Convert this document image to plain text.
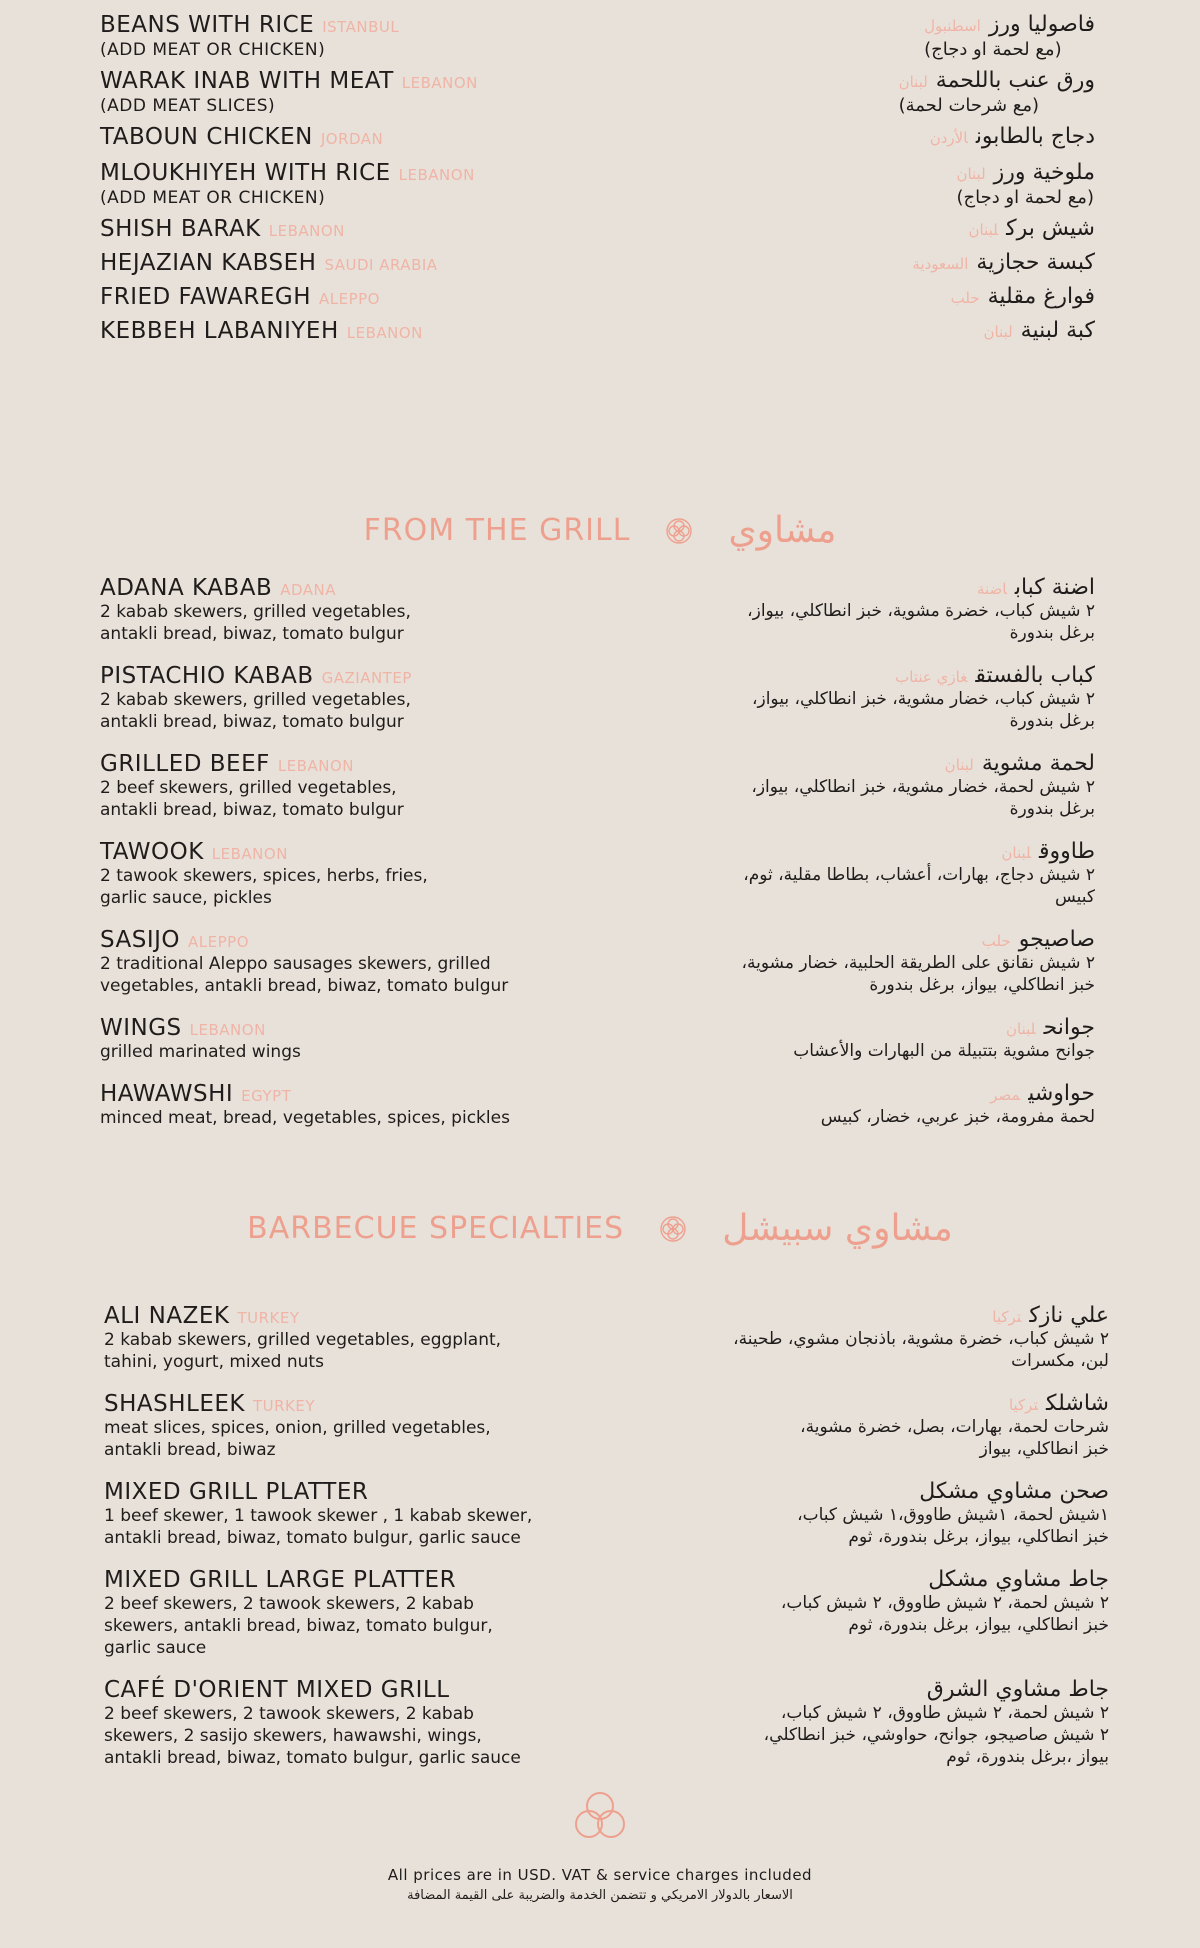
BEANS WITH RICE ISTANBUL
(ADD MEAT OR CHICKEN)
فاصوليا ورزاسطنبول
(مع لحمة او دجاج)
WARAK INAB WITH MEAT LEBANON
(ADD MEAT SLICES)
ورق عنب باللحمةلبنان
(مع شرحات لحمة)
TABOUN CHICKEN JORDAN	دجاج بالطابونالأردن
MLOUKHIYEH WITH RICE LEBANON
(ADD MEAT OR CHICKEN)
ملوخية ورزلبنان
(مع لحمة او دجاج)
SHISH BARAK LEBANON	شيش بركلبنان
HEJAZIAN KABSEH SAUDI ARABIA	كبسة حجازيةالسعودية
FRIED FAWAREGH ALEPPO	فوارغ مقليةحلب
KEBBEH LABANIYEH LEBANON	كبة لبنيةلبنان
FROM THE GRILL	مشاوي
ADANA KABAB ADANA
2 kabab skewers, grilled vegetables,
antakli bread, biwaz, tomato bulgur
اضنة كباباضنة
٢ شيش كباب، خضرة مشوية، خبز انطاكلي، بيواز،
برغل بندورة
PISTACHIO KABAB GAZIANTEP
2 kabab skewers, grilled vegetables,
antakli bread, biwaz, tomato bulgur
كباب بالفستقغازي عنتاب
٢ شيش كباب، خضار مشوية، خبز انطاكلي، بيواز،
برغل بندورة
GRILLED BEEF LEBANON
2 beef skewers, grilled vegetables,
antakli bread, biwaz, tomato bulgur
لحمة مشويةلبنان
٢ شيش لحمة، خضار مشوية، خبز انطاكلي، بيواز،
برغل بندورة
TAWOOK LEBANON
2 tawook skewers, spices, herbs, fries,
garlic sauce, pickles
طاووقلبنان
٢ شيش دجاج، بهارات، أعشاب، بطاطا مقلية، ثوم،
كبيس
SASIJO ALEPPO
2 traditional Aleppo sausages skewers, grilled
vegetables, antakli bread, biwaz, tomato bulgur
صاصيجوحلب
٢ شيش نقانق على الطريقة الحلبية، خضار مشوية،
خبز انطاكلي، بيواز، برغل بندورة
WINGS LEBANON
grilled marinated wings
جوانحلبنان
جوانح مشوية بتتبيلة من البهارات والأعشاب
HAWAWSHI EGYPT
minced meat, bread, vegetables, spices, pickles
حواوشيمصر
لحمة مفرومة، خبز عربي، خضار، كبيس
BARBECUE SPECIALTIES	مشاوي سبيشل
ALI NAZEK TURKEY
2 kabab skewers, grilled vegetables, eggplant,
tahini, yogurt, mixed nuts
علي نازكتركيا
٢ شيش كباب، خضرة مشوية، باذنجان مشوي، طحينة،
لبن، مكسرات
SHASHLEEK TURKEY
meat slices, spices, onion, grilled vegetables,
antakli bread, biwaz
شاشلكتركيا
شرحات لحمة، بهارات، بصل، خضرة مشوية،
خبز انطاكلي، بيواز
MIXED GRILL PLATTER
1 beef skewer, 1 tawook skewer , 1 kabab skewer,
antakli bread, biwaz, tomato bulgur, garlic sauce
صحن مشاوي مشكل
١شيش لحمة، ١شيش طاووق،١ شيش كباب،
خبز انطاكلي، بيواز، برغل بندورة، ثوم
MIXED GRILL LARGE PLATTER
2 beef skewers, 2 tawook skewers, 2 kabab
skewers, antakli bread, biwaz, tomato bulgur,
garlic sauce
جاط مشاوي مشكل
٢ شيش لحمة، ٢ شيش طاووق، ٢ شيش كباب،
خبز انطاكلي، بيواز، برغل بندورة، ثوم
CAFÉ D'ORIENT MIXED GRILL
2 beef skewers, 2 tawook skewers, 2 kabab
skewers, 2 sasijo skewers, hawawshi, wings,
antakli bread, biwaz, tomato bulgur, garlic sauce
جاط مشاوي الشرق
٢ شيش لحمة، ٢ شيش طاووق، ٢ شيش كباب،
٢ شيش صاصيجو، جوانح، حواوشي، خبز انطاكلي،
بيواز ،برغل بندورة، ثوم
All prices are in USD. VAT & service charges included
الاسعار بالدولار الامريكي و تتضمن الخدمة والضريبة على القيمة المضافة
